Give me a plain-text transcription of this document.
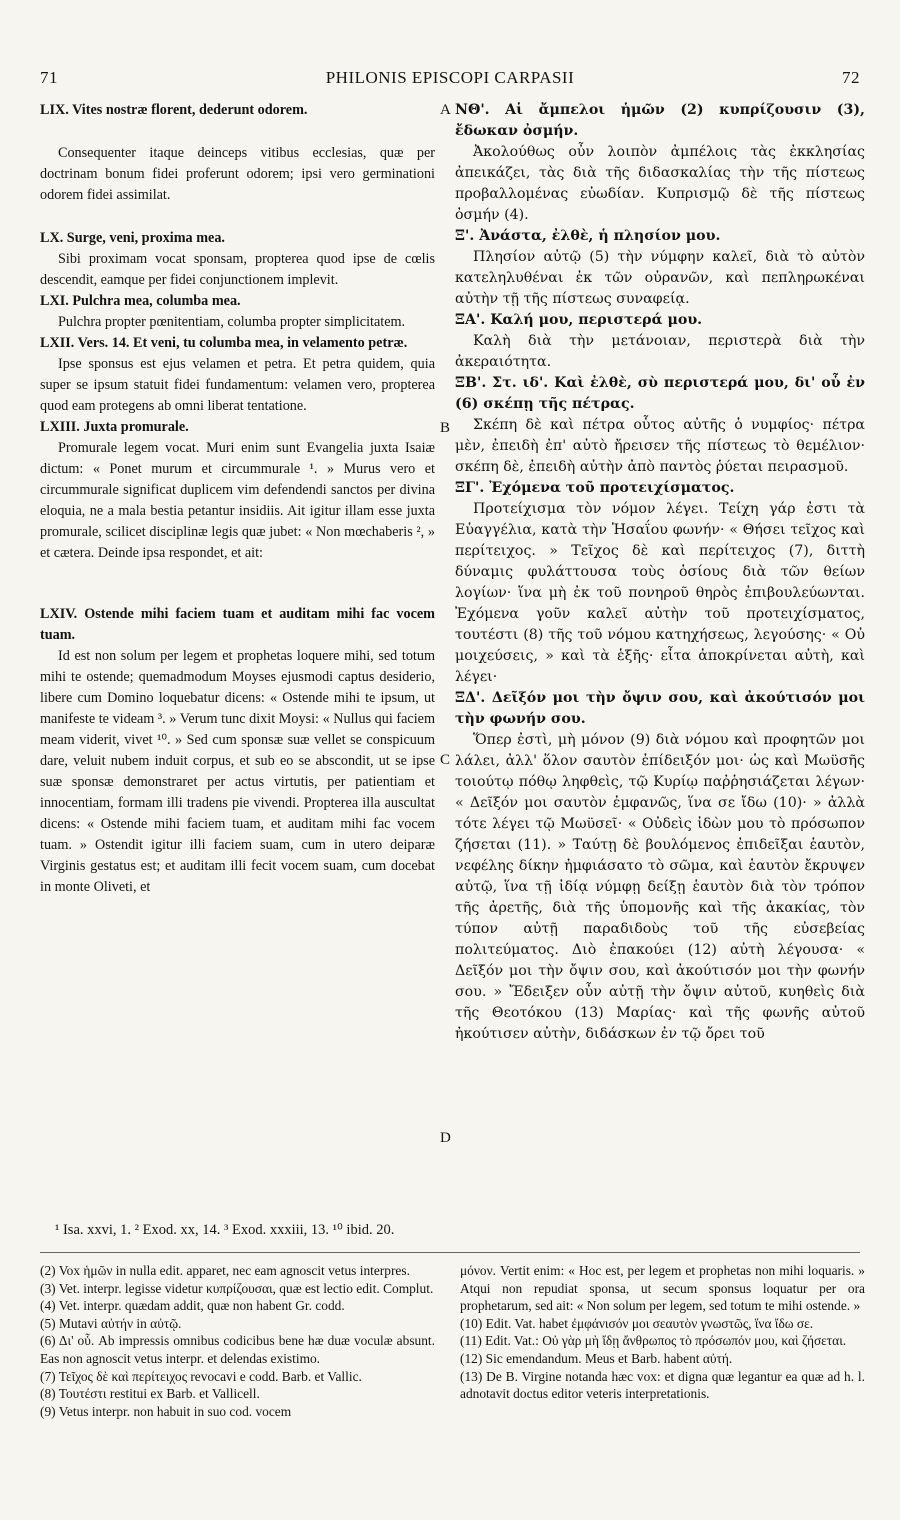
71	PHILONIS EPISCOPI CARPASII	72
A
B
C
D

LIX. Vites nostræ florent, dederunt odorem.

Consequenter itaque deinceps vitibus ecclesias, quæ per doctrinam bonum fidei proferunt odorem; ipsi vero germinationi odorem fidei assimilat.

LX. Surge, veni, proxima mea.

Sibi proximam vocat sponsam, propterea quod ipse de cœlis descendit, eamque per fidei conjunctionem implevit.

LXI. Pulchra mea, columba mea.

Pulchra propter pœnitentiam, columba propter simplicitatem.

LXII. Vers. 14. Et veni, tu columba mea, in velamento petræ.

Ipse sponsus est ejus velamen et petra. Et petra quidem, quia super se ipsum statuit fidei fundamentum: velamen vero, propterea quod eam protegens ab omni liberat tentatione.

LXIII. Juxta promurale.

Promurale legem vocat. Muri enim sunt Evangelia juxta Isaiæ dictum: « Ponet murum et circummurale ¹. » Murus vero et circummurale significat duplicem vim defendendi sanctos per divina eloquia, ne a mala bestia petantur insidiis. Ait igitur illam esse juxta promurale, scilicet disciplinæ legis quæ jubet: « Non mœchaberis ², » et cætera. Deinde ipsa respondet, et ait:

LXIV. Ostende mihi faciem tuam et auditam mihi fac vocem tuam.

Id est non solum per legem et prophetas loquere mihi, sed totum mihi te ostende; quemadmodum Moyses ejusmodi captus desiderio, libere cum Domino loquebatur dicens: « Ostende mihi te ipsum, ut manifeste te videam ³. » Verum tunc dixit Moysi: « Nullus qui faciem meam viderit, vivet ¹⁰. » Sed cum sponsæ suæ vellet se conspicuum dare, veluit nubem induit corpus, et sub eo se abscondit, ut se ipse suæ sponsæ demonstraret per actus virtutis, per patientiam et innocentiam, formam illi tradens pie vivendi. Propterea illa auscultat dicens: « Ostende mihi faciem tuam, et auditam mihi fac vocem tuam. » Ostendit igitur illi faciem suam, cum in utero deiparæ Virginis gestatus est; et auditam illi fecit vocem suam, cum docebat in monte Oliveti, et

ΝΘ'. Αἱ ἄμπελοι ἡμῶν (2) κυπρίζουσιν (3), ἔδωκαν ὀσμήν.

Ἀκολούθως οὖν λοιπὸν ἀμπέλοις τὰς ἐκκλησίας ἀπεικάζει, τὰς διὰ τῆς διδασκαλίας τὴν τῆς πίστεως προβαλλομένας εὐωδίαν. Κυπρισμῷ δὲ τῆς πίστεως ὀσμήν (4).

Ξ'. Ἀνάστα, ἐλθὲ, ἡ πλησίον μου.

Πλησίον αὐτῷ (5) τὴν νύμφην καλεῖ, διὰ τὸ αὐτὸν κατεληλυθέναι ἐκ τῶν οὐρανῶν, καὶ πεπληρωκέναι αὐτὴν τῇ τῆς πίστεως συναφείᾳ.

ΞΑ'. Καλή μου, περιστερά μου.

Καλὴ διὰ τὴν μετάνοιαν, περιστερὰ διὰ τὴν ἀκεραιότητα.

ΞΒ'. Στ. ιδ'. Καὶ ἐλθὲ, σὺ περιστερά μου, δι' οὗ ἐν (6) σκέπῃ τῆς πέτρας.

Σκέπη δὲ καὶ πέτρα οὗτος αὐτῆς ὁ νυμφίος· πέτρα μὲν, ἐπειδὴ ἐπ' αὐτὸ ἤρεισεν τῆς πίστεως τὸ θεμέλιον· σκέπη δὲ, ἐπειδὴ αὐτὴν ἀπὸ παντὸς ῥύεται πειρασμοῦ.

ΞΓ'. Ἐχόμενα τοῦ προτειχίσματος.

Προτείχισμα τὸν νόμον λέγει. Τείχη γάρ ἐστι τὰ Εὐαγγέλια, κατὰ τὴν Ἡσαΐου φωνήν· « Θήσει τεῖχος καὶ περίτειχος. » Τεῖχος δὲ καὶ περίτειχος (7), διττὴ δύναμις φυλάττουσα τοὺς ὁσίους διὰ τῶν θείων λογίων· ἵνα μὴ ἐκ τοῦ πονηροῦ θηρὸς ἐπιβουλεύωνται. Ἐχόμενα γοῦν καλεῖ αὐτὴν τοῦ προτειχίσματος, τουτέστι (8) τῆς τοῦ νόμου κατηχήσεως, λεγούσης· « Οὐ μοιχεύσεις, » καὶ τὰ ἑξῆς· εἶτα ἀποκρίνεται αὐτὴ, καὶ λέγει·

ΞΔ'. Δεῖξόν μοι τὴν ὄψιν σου, καὶ ἀκούτισόν μοι τὴν φωνήν σου.

Ὅπερ ἐστὶ, μὴ μόνον (9) διὰ νόμου καὶ προφητῶν μοι λάλει, ἀλλ' ὅλον σαυτὸν ἐπίδειξόν μοι· ὡς καὶ Μωϋσῆς τοιούτῳ πόθῳ ληφθεὶς, τῷ Κυρίῳ παῤῥησιάζεται λέγων· « Δεῖξόν μοι σαυτὸν ἐμφανῶς, ἵνα σε ἴδω (10)· » ἀλλὰ τότε λέγει τῷ Μωϋσεῖ· « Οὐδεὶς ἰδὼν μου τὸ πρόσωπον ζήσεται (11). » Ταύτῃ δὲ βουλόμενος ἐπιδεῖξαι ἑαυτὸν, νεφέλης δίκην ἠμφιάσατο τὸ σῶμα, καὶ ἑαυτὸν ἔκρυψεν αὐτῷ, ἵνα τῇ ἰδίᾳ νύμφῃ δείξῃ ἑαυτὸν διὰ τὸν τρόπον τῆς ἀρετῆς, διὰ τῆς ὑπομονῆς καὶ τῆς ἀκακίας, τὸν τύπον αὐτῇ παραδιδοὺς τοῦ τῆς εὐσεβείας πολιτεύματος. Διὸ ἐπακούει (12) αὐτὴ λέγουσα· « Δεῖξόν μοι τὴν ὄψιν σου, καὶ ἀκούτισόν μοι τὴν φωνήν σου. » Ἔδειξεν οὖν αὐτῇ τὴν ὄψιν αὐτοῦ, κυηθεὶς διὰ τῆς Θεοτόκου (13) Μαρίας· καὶ τῆς φωνῆς αὐτοῦ ἠκούτισεν αὐτὴν, διδάσκων ἐν τῷ ὄρει τοῦ

¹ Isa. xxvi, 1. ² Exod. xx, 14. ³ Exod. xxxiii, 13. ¹⁰ ibid. 20.

(2) Vox ἡμῶν in nulla edit. apparet, nec eam agnoscit vetus interpres.

(3) Vet. interpr. legisse videtur κυπρίζουσαι, quæ est lectio edit. Complut.

(4) Vet. interpr. quædam addit, quæ non habent Gr. codd.

(5) Mutavi αὐτήν in αὐτῷ.

(6) Δι' οὗ. Ab impressis omnibus codicibus bene hæ duæ voculæ absunt. Eas non agnoscit vetus interpr. et delendas existimo.

(7) Τεῖχος δὲ καὶ περίτειχος revocavi e codd. Barb. et Vallic.

(8) Τουτέστι restitui ex Barb. et Vallicell.

(9) Vetus interpr. non habuit in suo cod. vocem

μόνον. Vertit enim: « Hoc est, per legem et prophetas non mihi loquaris. » Atqui non repudiat sponsa, ut secum sponsus loquatur per ora prophetarum, sed ait: « Non solum per legem, sed totum te mihi ostende. »

(10) Edit. Vat. habet ἐμφάνισόν μοι σεαυτὸν γνωστῶς, ἵνα ἴδω σε.

(11) Edit. Vat.: Οὐ γὰρ μὴ ἴδῃ ἄνθρωπος τὸ πρόσωπόν μου, καὶ ζήσεται.

(12) Sic emendandum. Meus et Barb. habent αὐτή.

(13) De B. Virgine notanda hæc vox: et digna quæ legantur ea quæ ad h. l. adnotavit doctus editor veteris interpretationis.
